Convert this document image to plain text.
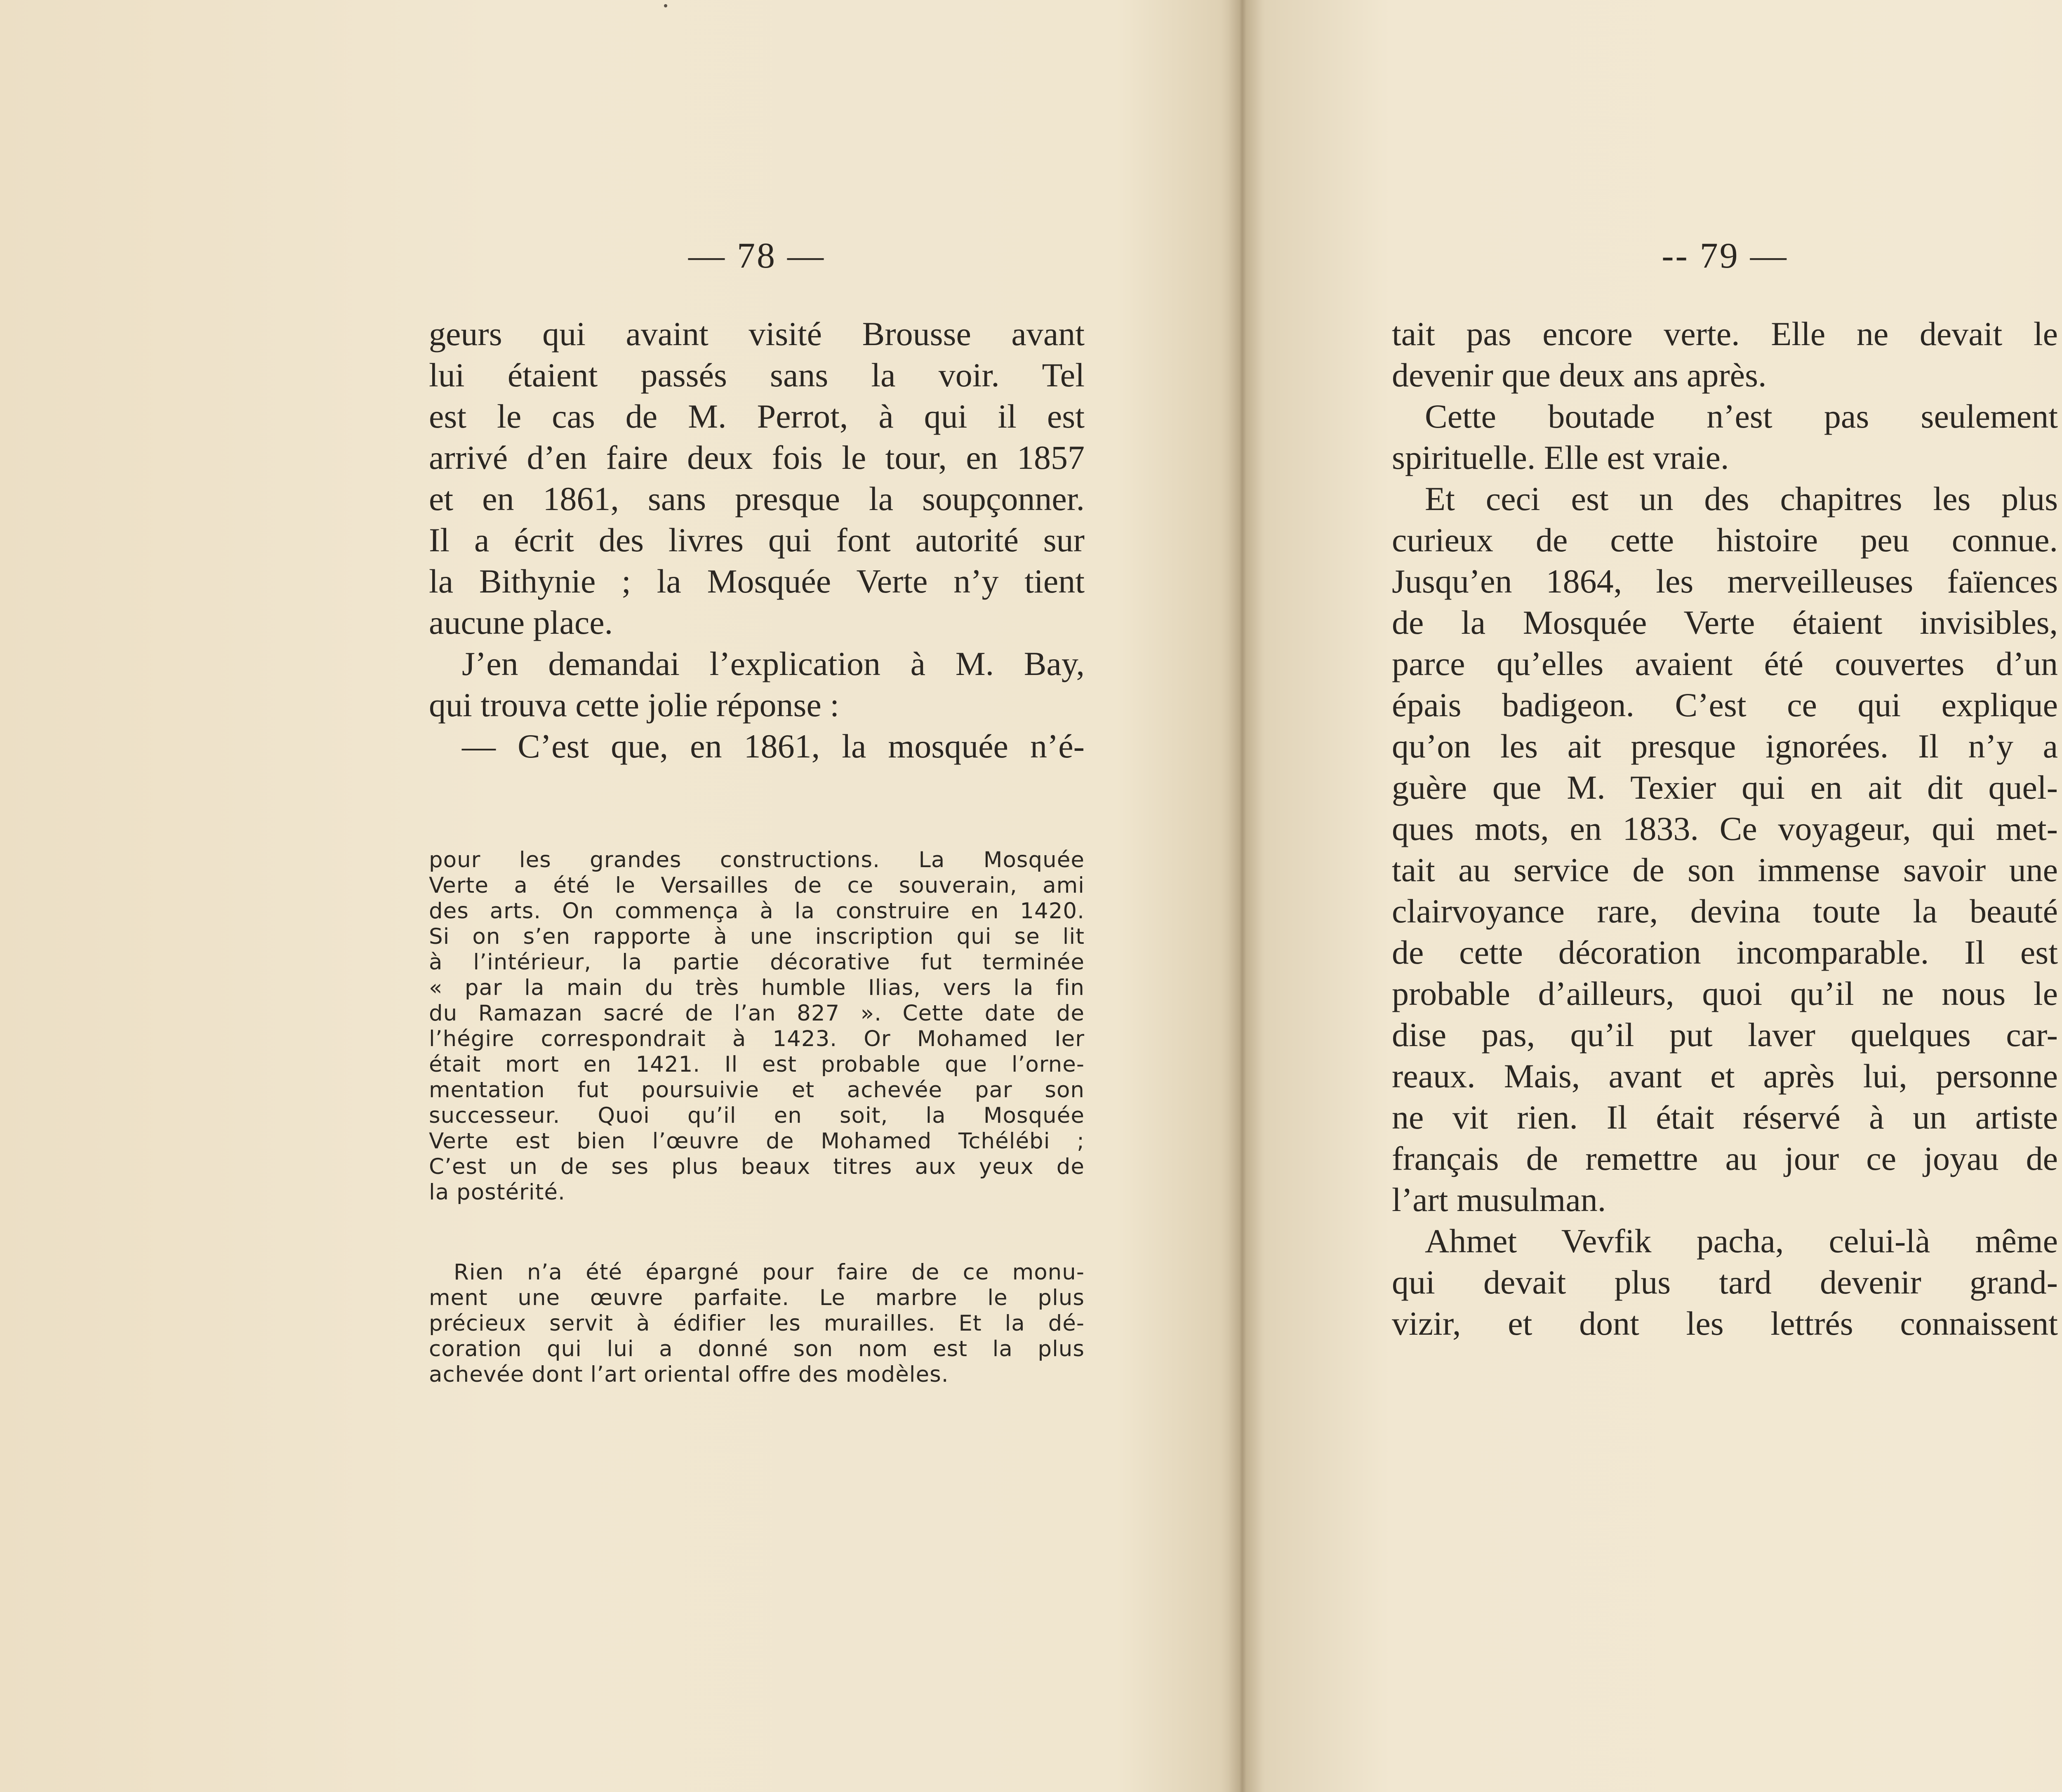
— 78 —
geurs qui avaint visité Brousse avant
lui étaient passés sans la voir. Tel
est le cas de M. Perrot, à qui il est
arrivé d’en faire deux fois le tour, en 1857
et en 1861, sans presque la soupçonner.
Il a écrit des livres qui font autorité sur
la Bithynie ; la Mosquée Verte n’y tient
aucune place.
J’en demandai l’explication à M. Bay,
qui trouva cette jolie réponse :
— C’est que, en 1861, la mosquée n’é-
pour les grandes constructions. La Mosquée
Verte a été le Versailles de ce souverain, ami
des arts. On commença à la construire en 1420.
Si on s’en rapporte à une inscription qui se lit
à l’intérieur, la partie décorative fut terminée
« par la main du très humble Ilias, vers la fin
du Ramazan sacré de l’an 827 ». Cette date de
l’hégire correspondrait à 1423. Or Mohamed Ier
était mort en 1421. Il est probable que l’orne-
mentation fut poursuivie et achevée par son
successeur. Quoi qu’il en soit, la Mosquée
Verte est bien l’œuvre de Mohamed Tchélébi ;
C’est un de ses plus beaux titres aux yeux de
la postérité.
Rien n’a été épargné pour faire de ce monu-
ment une œuvre parfaite. Le marbre le plus
précieux servit à édifier les murailles. Et la dé-
coration qui lui a donné son nom est la plus
achevée dont l’art oriental offre des modèles.
-- 79 —
tait pas encore verte. Elle ne devait le
devenir que deux ans après.
Cette boutade n’est pas seulement
spirituelle. Elle est vraie.
Et ceci est un des chapitres les plus
curieux de cette histoire peu connue.
Jusqu’en 1864, les merveilleuses faïences
de la Mosquée Verte étaient invisibles,
parce qu’elles avaient été couvertes d’un
épais badigeon. C’est ce qui explique
qu’on les ait presque ignorées. Il n’y a
guère que M. Texier qui en ait dit quel-
ques mots, en 1833. Ce voyageur, qui met-
tait au service de son immense savoir une
clairvoyance rare, devina toute la beauté
de cette décoration incomparable. Il est
probable d’ailleurs, quoi qu’il ne nous le
dise pas, qu’il put laver quelques car-
reaux. Mais, avant et après lui, personne
ne vit rien. Il était réservé à un artiste
français de remettre au jour ce joyau de
l’art musulman.
Ahmet Vevfik pacha, celui-là même
qui devait plus tard devenir grand-
vizir, et dont les lettrés connaissent
